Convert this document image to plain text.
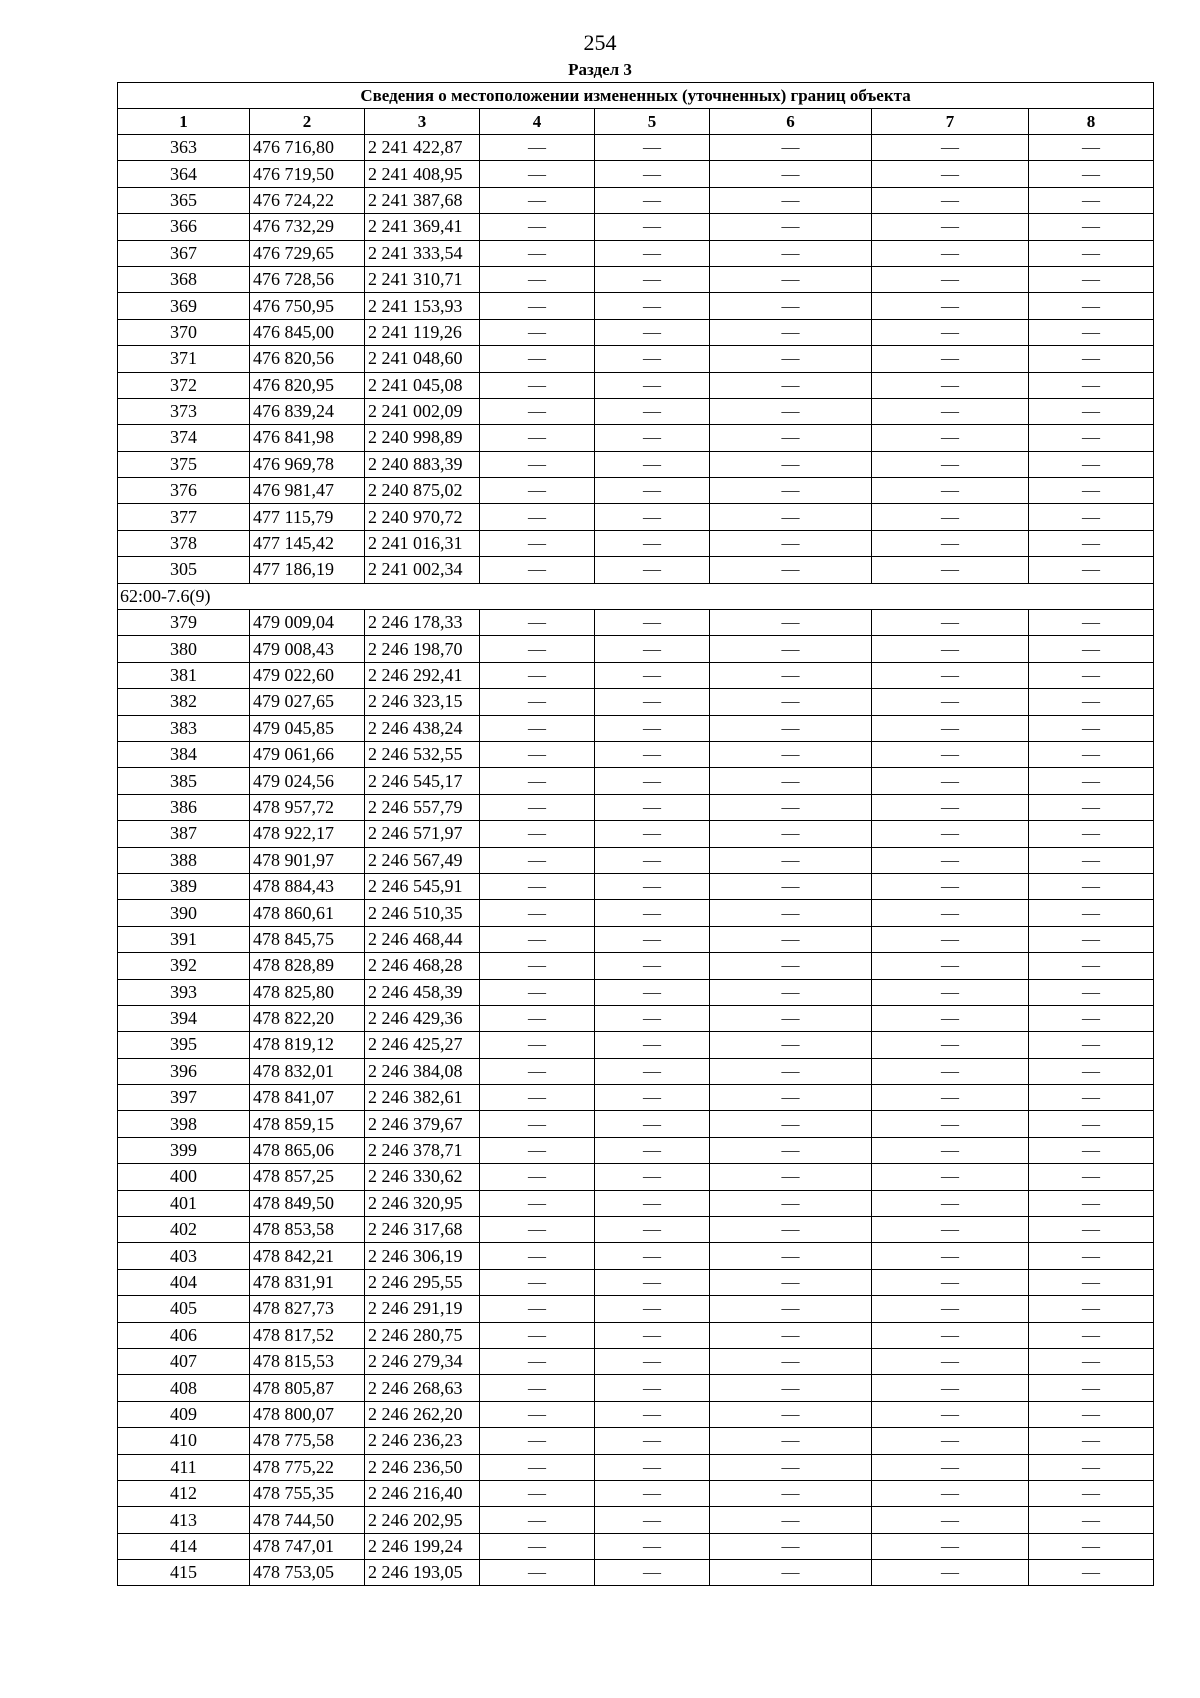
254
Раздел 3
Сведения о местоположении измененных (уточненных) границ объекта							
1	2	3	4	5	6	7	8
363	476 716,80	2 241 422,87	—	—	—	—	—
364	476 719,50	2 241 408,95	—	—	—	—	—
365	476 724,22	2 241 387,68	—	—	—	—	—
366	476 732,29	2 241 369,41	—	—	—	—	—
367	476 729,65	2 241 333,54	—	—	—	—	—
368	476 728,56	2 241 310,71	—	—	—	—	—
369	476 750,95	2 241 153,93	—	—	—	—	—
370	476 845,00	2 241 119,26	—	—	—	—	—
371	476 820,56	2 241 048,60	—	—	—	—	—
372	476 820,95	2 241 045,08	—	—	—	—	—
373	476 839,24	2 241 002,09	—	—	—	—	—
374	476 841,98	2 240 998,89	—	—	—	—	—
375	476 969,78	2 240 883,39	—	—	—	—	—
376	476 981,47	2 240 875,02	—	—	—	—	—
377	477 115,79	2 240 970,72	—	—	—	—	—
378	477 145,42	2 241 016,31	—	—	—	—	—
305	477 186,19	2 241 002,34	—	—	—	—	—
62:00-7.6(9)							
379	479 009,04	2 246 178,33	—	—	—	—	—
380	479 008,43	2 246 198,70	—	—	—	—	—
381	479 022,60	2 246 292,41	—	—	—	—	—
382	479 027,65	2 246 323,15	—	—	—	—	—
383	479 045,85	2 246 438,24	—	—	—	—	—
384	479 061,66	2 246 532,55	—	—	—	—	—
385	479 024,56	2 246 545,17	—	—	—	—	—
386	478 957,72	2 246 557,79	—	—	—	—	—
387	478 922,17	2 246 571,97	—	—	—	—	—
388	478 901,97	2 246 567,49	—	—	—	—	—
389	478 884,43	2 246 545,91	—	—	—	—	—
390	478 860,61	2 246 510,35	—	—	—	—	—
391	478 845,75	2 246 468,44	—	—	—	—	—
392	478 828,89	2 246 468,28	—	—	—	—	—
393	478 825,80	2 246 458,39	—	—	—	—	—
394	478 822,20	2 246 429,36	—	—	—	—	—
395	478 819,12	2 246 425,27	—	—	—	—	—
396	478 832,01	2 246 384,08	—	—	—	—	—
397	478 841,07	2 246 382,61	—	—	—	—	—
398	478 859,15	2 246 379,67	—	—	—	—	—
399	478 865,06	2 246 378,71	—	—	—	—	—
400	478 857,25	2 246 330,62	—	—	—	—	—
401	478 849,50	2 246 320,95	—	—	—	—	—
402	478 853,58	2 246 317,68	—	—	—	—	—
403	478 842,21	2 246 306,19	—	—	—	—	—
404	478 831,91	2 246 295,55	—	—	—	—	—
405	478 827,73	2 246 291,19	—	—	—	—	—
406	478 817,52	2 246 280,75	—	—	—	—	—
407	478 815,53	2 246 279,34	—	—	—	—	—
408	478 805,87	2 246 268,63	—	—	—	—	—
409	478 800,07	2 246 262,20	—	—	—	—	—
410	478 775,58	2 246 236,23	—	—	—	—	—
411	478 775,22	2 246 236,50	—	—	—	—	—
412	478 755,35	2 246 216,40	—	—	—	—	—
413	478 744,50	2 246 202,95	—	—	—	—	—
414	478 747,01	2 246 199,24	—	—	—	—	—
415	478 753,05	2 246 193,05	—	—	—	—	—
